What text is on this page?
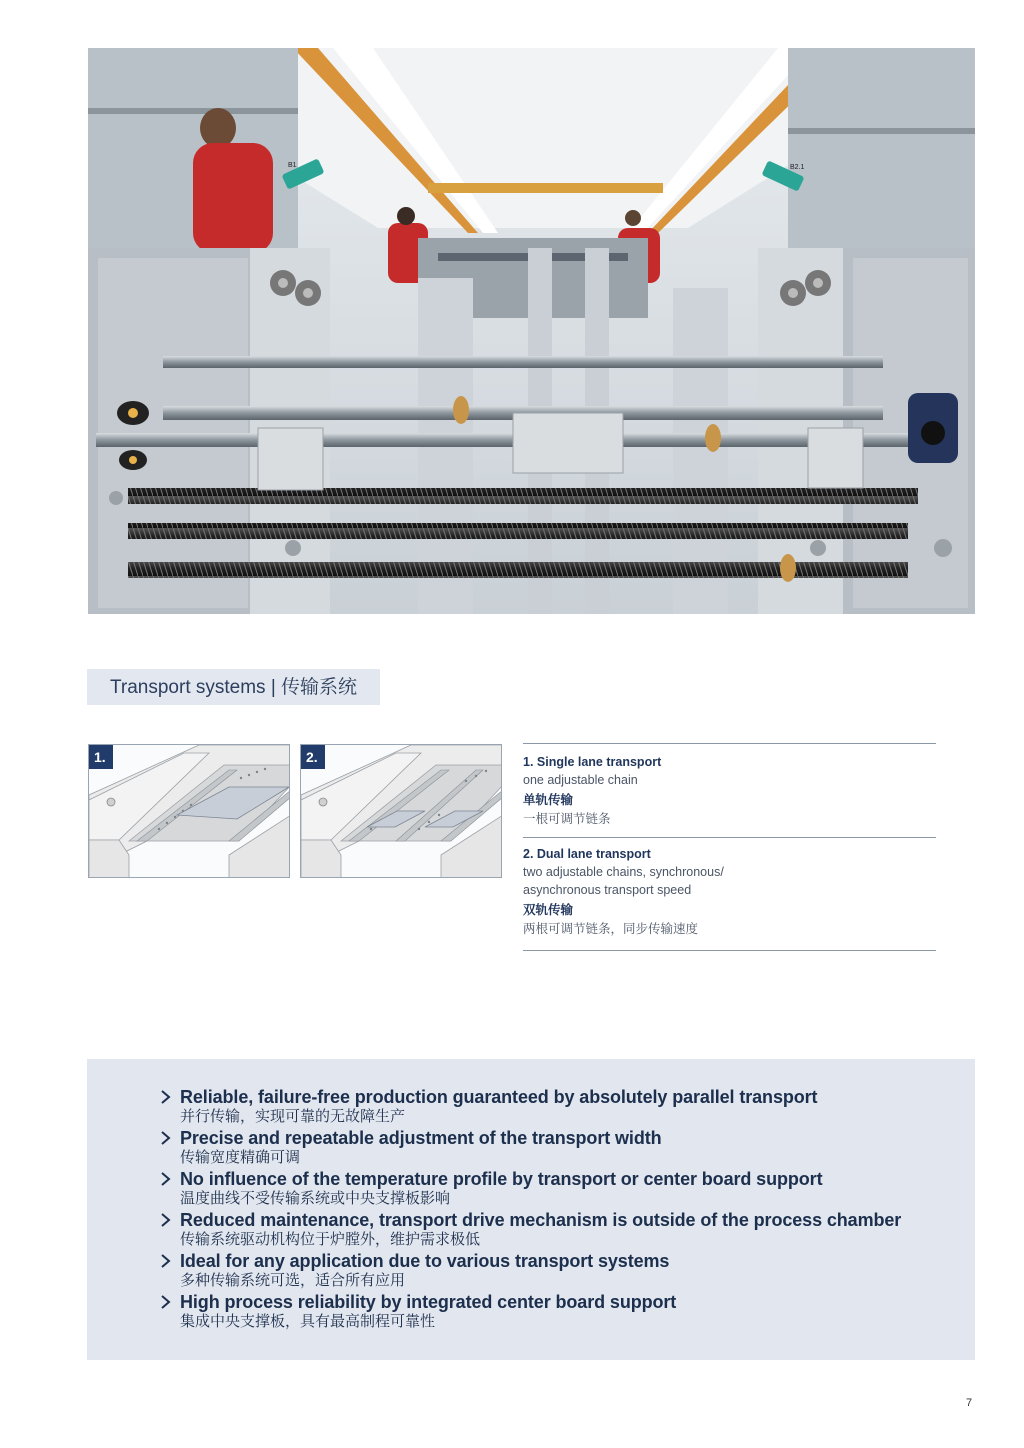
B2.1
B1
Transport systems | 传输系统
1.	2.	1. Single lane transport
one adjustable chain
单轨传输
一根可调节链条
2. Dual lane transport
two adjustable chains, synchronous/
asynchronous transport speed
双轨传输
两根可调节链条，同步传输速度
Reliable, failure-free production guaranteed by absolutely parallel transport
并行传输，实现可靠的无故障生产
Precise and repeatable adjustment of the transport width
传输宽度精确可调
No influence of the temperature profile by transport or center board support
温度曲线不受传输系统或中央支撑板影响
Reduced maintenance, transport drive mechanism is outside of the process chamber
传输系统驱动机构位于炉膛外，维护需求极低
Ideal for any application due to various transport systems
多种传输系统可选，适合所有应用
High process reliability by integrated center board support
集成中央支撑板，具有最高制程可靠性
7
